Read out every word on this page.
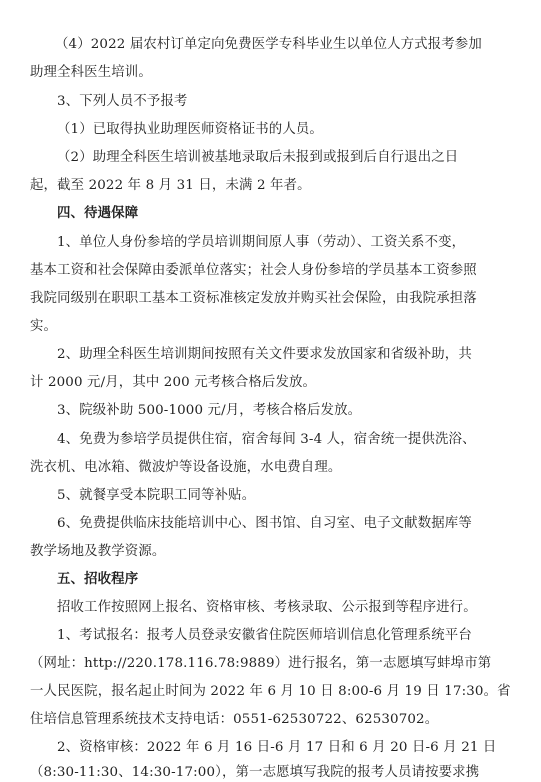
（4）2022 届农村订单定向免费医学专科毕业生以单位人方式报考参加
助理全科医生培训。
3、下列人员不予报考
（1）已取得执业助理医师资格证书的人员。
（2）助理全科医生培训被基地录取后未报到或报到后自行退出之日
起，截至 2022 年 8 月 31 日，未满 2 年者。
四、待遇保障
1、单位人身份参培的学员培训期间原人事（劳动）、工资关系不变，
基本工资和社会保障由委派单位落实；社会人身份参培的学员基本工资参照
我院同级别在职职工基本工资标准核定发放并购买社会保险，由我院承担落
实。
2、助理全科医生培训期间按照有关文件要求发放国家和省级补助，共
计 2000 元/月，其中 200 元考核合格后发放。
3、院级补助 500-1000 元/月，考核合格后发放。
4、免费为参培学员提供住宿，宿舍每间 3-4 人，宿舍统一提供洗浴、
洗衣机、电冰箱、微波炉等设备设施，水电费自理。
5、就餐享受本院职工同等补贴。
6、免费提供临床技能培训中心、图书馆、自习室、电子文献数据库等
教学场地及教学资源。
五、招收程序
招收工作按照网上报名、资格审核、考核录取、公示报到等程序进行。
1、考试报名：报考人员登录安徽省住院医师培训信息化管理系统平台
（网址：http://220.178.116.78:9889）进行报名，第一志愿填写蚌埠市第
一人民医院，报名起止时间为 2022 年 6 月 10 日 8:00-6 月 19 日 17:30。省
住培信息管理系统技术支持电话：0551-62530722、62530702。
2、资格审核：2022 年 6 月 16 日-6 月 17 日和 6 月 20 日-6 月 21 日
（8:30-11:30、14:30-17:00），第一志愿填写我院的报考人员请按要求携
